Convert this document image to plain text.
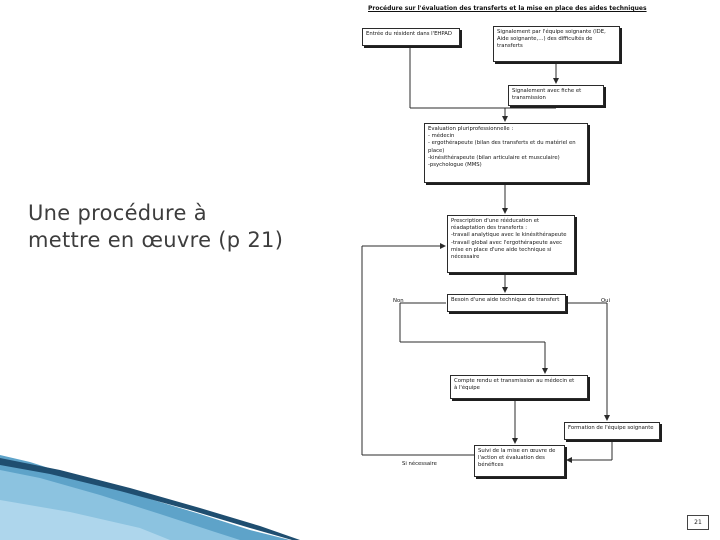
Une procédure à
mettre en œuvre (p 21)
Procédure sur l'évaluation des transferts et la mise en place des aides techniques
Entrée du résident dans l'EHPAD	Signalement par l'équipe soignante (IDE,
Aide soignante,…) des difficultés de
transferts
Signalement avec fiche et
transmission
Evaluation pluriprofessionnelle :
- médecin
- ergothérapeute (bilan des transferts et du matériel en
place)
-kinésithérapeute (bilan articulaire et musculaire)
-psychologue (MMS)
Prescription d'une rééducation et
réadaptation des transferts :
-travail analytique avec le kinésithérapeute
-travail global avec l'ergothérapeute avec
mise en place d'une aide technique si
nécessaire
Besoin d'une aide technique de transfert
Compte rendu et transmission au médecin et
à l'équipe
Formation de l'équipe soignante
Suivi de la mise en œuvre de
l'action et évaluation des
bénéfices
Non	Oui
Si nécessaire
21
